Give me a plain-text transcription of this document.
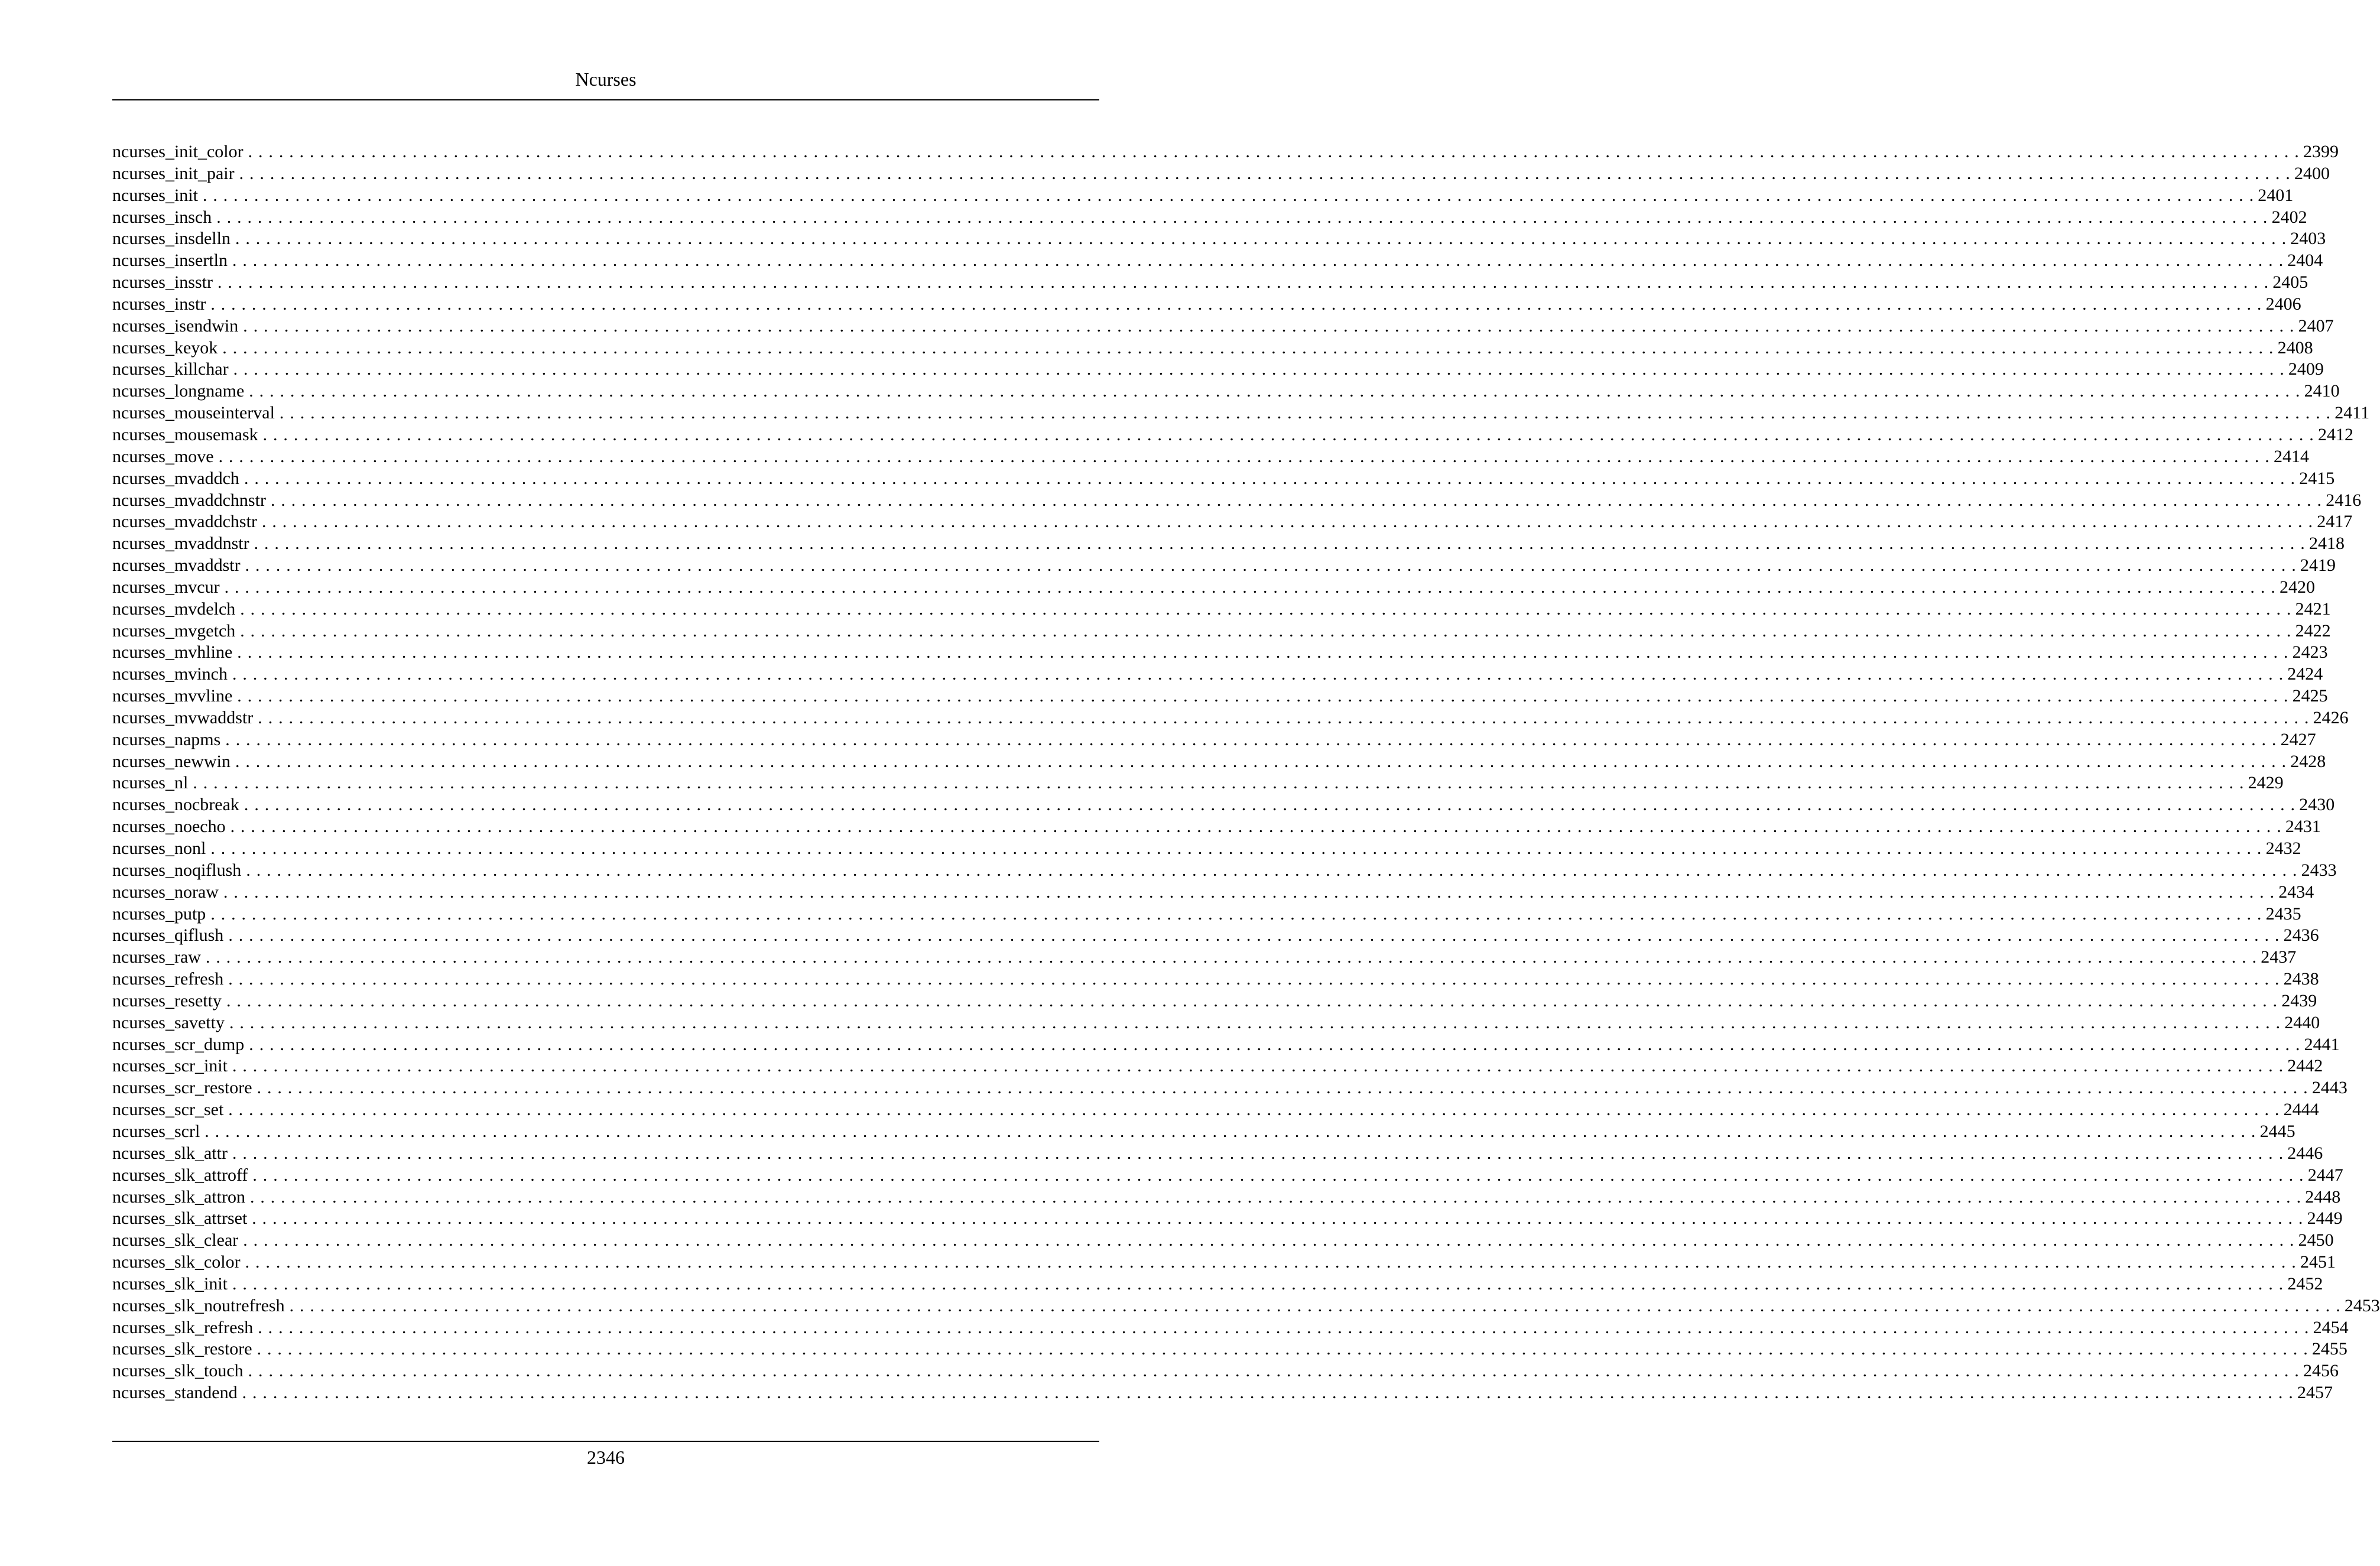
Ncurses
ncurses_init_color . . . . . . . . . . . . . . . . . . . . . . . . . . . . . . . . . . . . . . . . . . . . . . . . . . . . . . . . . . . . . . . . . . . . . . . . . . . . . . . . . . . . . . . . . . . . . . . . . . . . . . . . . . . . . . . . . . . . . . . . . . . . . . . . . . . . . . . . . . . . . . . . . . . . . . . . . . . . . . . . . . . . . . . . . . . . . . . . . . . . . . . . . . . . . . . . . . . . . . . . 2399
ncurses_init_pair . . . . . . . . . . . . . . . . . . . . . . . . . . . . . . . . . . . . . . . . . . . . . . . . . . . . . . . . . . . . . . . . . . . . . . . . . . . . . . . . . . . . . . . . . . . . . . . . . . . . . . . . . . . . . . . . . . . . . . . . . . . . . . . . . . . . . . . . . . . . . . . . . . . . . . . . . . . . . . . . . . . . . . . . . . . . . . . . . . . . . . . . . . . . . . . . . . . . . . . . 2400
ncurses_init . . . . . . . . . . . . . . . . . . . . . . . . . . . . . . . . . . . . . . . . . . . . . . . . . . . . . . . . . . . . . . . . . . . . . . . . . . . . . . . . . . . . . . . . . . . . . . . . . . . . . . . . . . . . . . . . . . . . . . . . . . . . . . . . . . . . . . . . . . . . . . . . . . . . . . . . . . . . . . . . . . . . . . . . . . . . . . . . . . . . . . . . . . . . . . . . . . . . . . . . 2401
ncurses_insch . . . . . . . . . . . . . . . . . . . . . . . . . . . . . . . . . . . . . . . . . . . . . . . . . . . . . . . . . . . . . . . . . . . . . . . . . . . . . . . . . . . . . . . . . . . . . . . . . . . . . . . . . . . . . . . . . . . . . . . . . . . . . . . . . . . . . . . . . . . . . . . . . . . . . . . . . . . . . . . . . . . . . . . . . . . . . . . . . . . . . . . . . . . . . . . . . . . . . . . . 2402
ncurses_insdelln . . . . . . . . . . . . . . . . . . . . . . . . . . . . . . . . . . . . . . . . . . . . . . . . . . . . . . . . . . . . . . . . . . . . . . . . . . . . . . . . . . . . . . . . . . . . . . . . . . . . . . . . . . . . . . . . . . . . . . . . . . . . . . . . . . . . . . . . . . . . . . . . . . . . . . . . . . . . . . . . . . . . . . . . . . . . . . . . . . . . . . . . . . . . . . . . . . . . . . . . 2403
ncurses_insertln . . . . . . . . . . . . . . . . . . . . . . . . . . . . . . . . . . . . . . . . . . . . . . . . . . . . . . . . . . . . . . . . . . . . . . . . . . . . . . . . . . . . . . . . . . . . . . . . . . . . . . . . . . . . . . . . . . . . . . . . . . . . . . . . . . . . . . . . . . . . . . . . . . . . . . . . . . . . . . . . . . . . . . . . . . . . . . . . . . . . . . . . . . . . . . . . . . . . . . . . 2404
ncurses_insstr . . . . . . . . . . . . . . . . . . . . . . . . . . . . . . . . . . . . . . . . . . . . . . . . . . . . . . . . . . . . . . . . . . . . . . . . . . . . . . . . . . . . . . . . . . . . . . . . . . . . . . . . . . . . . . . . . . . . . . . . . . . . . . . . . . . . . . . . . . . . . . . . . . . . . . . . . . . . . . . . . . . . . . . . . . . . . . . . . . . . . . . . . . . . . . . . . . . . . . . . 2405
ncurses_instr . . . . . . . . . . . . . . . . . . . . . . . . . . . . . . . . . . . . . . . . . . . . . . . . . . . . . . . . . . . . . . . . . . . . . . . . . . . . . . . . . . . . . . . . . . . . . . . . . . . . . . . . . . . . . . . . . . . . . . . . . . . . . . . . . . . . . . . . . . . . . . . . . . . . . . . . . . . . . . . . . . . . . . . . . . . . . . . . . . . . . . . . . . . . . . . . . . . . . . . . 2406
ncurses_isendwin . . . . . . . . . . . . . . . . . . . . . . . . . . . . . . . . . . . . . . . . . . . . . . . . . . . . . . . . . . . . . . . . . . . . . . . . . . . . . . . . . . . . . . . . . . . . . . . . . . . . . . . . . . . . . . . . . . . . . . . . . . . . . . . . . . . . . . . . . . . . . . . . . . . . . . . . . . . . . . . . . . . . . . . . . . . . . . . . . . . . . . . . . . . . . . . . . . . . . . . . 2407
ncurses_keyok . . . . . . . . . . . . . . . . . . . . . . . . . . . . . . . . . . . . . . . . . . . . . . . . . . . . . . . . . . . . . . . . . . . . . . . . . . . . . . . . . . . . . . . . . . . . . . . . . . . . . . . . . . . . . . . . . . . . . . . . . . . . . . . . . . . . . . . . . . . . . . . . . . . . . . . . . . . . . . . . . . . . . . . . . . . . . . . . . . . . . . . . . . . . . . . . . . . . . . . . 2408
ncurses_killchar . . . . . . . . . . . . . . . . . . . . . . . . . . . . . . . . . . . . . . . . . . . . . . . . . . . . . . . . . . . . . . . . . . . . . . . . . . . . . . . . . . . . . . . . . . . . . . . . . . . . . . . . . . . . . . . . . . . . . . . . . . . . . . . . . . . . . . . . . . . . . . . . . . . . . . . . . . . . . . . . . . . . . . . . . . . . . . . . . . . . . . . . . . . . . . . . . . . . . . . . 2409
ncurses_longname . . . . . . . . . . . . . . . . . . . . . . . . . . . . . . . . . . . . . . . . . . . . . . . . . . . . . . . . . . . . . . . . . . . . . . . . . . . . . . . . . . . . . . . . . . . . . . . . . . . . . . . . . . . . . . . . . . . . . . . . . . . . . . . . . . . . . . . . . . . . . . . . . . . . . . . . . . . . . . . . . . . . . . . . . . . . . . . . . . . . . . . . . . . . . . . . . . . . . . . . 2410
ncurses_mouseinterval . . . . . . . . . . . . . . . . . . . . . . . . . . . . . . . . . . . . . . . . . . . . . . . . . . . . . . . . . . . . . . . . . . . . . . . . . . . . . . . . . . . . . . . . . . . . . . . . . . . . . . . . . . . . . . . . . . . . . . . . . . . . . . . . . . . . . . . . . . . . . . . . . . . . . . . . . . . . . . . . . . . . . . . . . . . . . . . . . . . . . . . . . . . . . . . . . . . . . . . . 2411
ncurses_mousemask . . . . . . . . . . . . . . . . . . . . . . . . . . . . . . . . . . . . . . . . . . . . . . . . . . . . . . . . . . . . . . . . . . . . . . . . . . . . . . . . . . . . . . . . . . . . . . . . . . . . . . . . . . . . . . . . . . . . . . . . . . . . . . . . . . . . . . . . . . . . . . . . . . . . . . . . . . . . . . . . . . . . . . . . . . . . . . . . . . . . . . . . . . . . . . . . . . . . . . . . 2412
ncurses_move . . . . . . . . . . . . . . . . . . . . . . . . . . . . . . . . . . . . . . . . . . . . . . . . . . . . . . . . . . . . . . . . . . . . . . . . . . . . . . . . . . . . . . . . . . . . . . . . . . . . . . . . . . . . . . . . . . . . . . . . . . . . . . . . . . . . . . . . . . . . . . . . . . . . . . . . . . . . . . . . . . . . . . . . . . . . . . . . . . . . . . . . . . . . . . . . . . . . . . . . 2414
ncurses_mvaddch . . . . . . . . . . . . . . . . . . . . . . . . . . . . . . . . . . . . . . . . . . . . . . . . . . . . . . . . . . . . . . . . . . . . . . . . . . . . . . . . . . . . . . . . . . . . . . . . . . . . . . . . . . . . . . . . . . . . . . . . . . . . . . . . . . . . . . . . . . . . . . . . . . . . . . . . . . . . . . . . . . . . . . . . . . . . . . . . . . . . . . . . . . . . . . . . . . . . . . . . 2415
ncurses_mvaddchnstr . . . . . . . . . . . . . . . . . . . . . . . . . . . . . . . . . . . . . . . . . . . . . . . . . . . . . . . . . . . . . . . . . . . . . . . . . . . . . . . . . . . . . . . . . . . . . . . . . . . . . . . . . . . . . . . . . . . . . . . . . . . . . . . . . . . . . . . . . . . . . . . . . . . . . . . . . . . . . . . . . . . . . . . . . . . . . . . . . . . . . . . . . . . . . . . . . . . . . . . . 2416
ncurses_mvaddchstr . . . . . . . . . . . . . . . . . . . . . . . . . . . . . . . . . . . . . . . . . . . . . . . . . . . . . . . . . . . . . . . . . . . . . . . . . . . . . . . . . . . . . . . . . . . . . . . . . . . . . . . . . . . . . . . . . . . . . . . . . . . . . . . . . . . . . . . . . . . . . . . . . . . . . . . . . . . . . . . . . . . . . . . . . . . . . . . . . . . . . . . . . . . . . . . . . . . . . . . . 2417
ncurses_mvaddnstr . . . . . . . . . . . . . . . . . . . . . . . . . . . . . . . . . . . . . . . . . . . . . . . . . . . . . . . . . . . . . . . . . . . . . . . . . . . . . . . . . . . . . . . . . . . . . . . . . . . . . . . . . . . . . . . . . . . . . . . . . . . . . . . . . . . . . . . . . . . . . . . . . . . . . . . . . . . . . . . . . . . . . . . . . . . . . . . . . . . . . . . . . . . . . . . . . . . . . . . . 2418
ncurses_mvaddstr . . . . . . . . . . . . . . . . . . . . . . . . . . . . . . . . . . . . . . . . . . . . . . . . . . . . . . . . . . . . . . . . . . . . . . . . . . . . . . . . . . . . . . . . . . . . . . . . . . . . . . . . . . . . . . . . . . . . . . . . . . . . . . . . . . . . . . . . . . . . . . . . . . . . . . . . . . . . . . . . . . . . . . . . . . . . . . . . . . . . . . . . . . . . . . . . . . . . . . . . 2419
ncurses_mvcur . . . . . . . . . . . . . . . . . . . . . . . . . . . . . . . . . . . . . . . . . . . . . . . . . . . . . . . . . . . . . . . . . . . . . . . . . . . . . . . . . . . . . . . . . . . . . . . . . . . . . . . . . . . . . . . . . . . . . . . . . . . . . . . . . . . . . . . . . . . . . . . . . . . . . . . . . . . . . . . . . . . . . . . . . . . . . . . . . . . . . . . . . . . . . . . . . . . . . . . . 2420
ncurses_mvdelch . . . . . . . . . . . . . . . . . . . . . . . . . . . . . . . . . . . . . . . . . . . . . . . . . . . . . . . . . . . . . . . . . . . . . . . . . . . . . . . . . . . . . . . . . . . . . . . . . . . . . . . . . . . . . . . . . . . . . . . . . . . . . . . . . . . . . . . . . . . . . . . . . . . . . . . . . . . . . . . . . . . . . . . . . . . . . . . . . . . . . . . . . . . . . . . . . . . . . . . . 2421
ncurses_mvgetch . . . . . . . . . . . . . . . . . . . . . . . . . . . . . . . . . . . . . . . . . . . . . . . . . . . . . . . . . . . . . . . . . . . . . . . . . . . . . . . . . . . . . . . . . . . . . . . . . . . . . . . . . . . . . . . . . . . . . . . . . . . . . . . . . . . . . . . . . . . . . . . . . . . . . . . . . . . . . . . . . . . . . . . . . . . . . . . . . . . . . . . . . . . . . . . . . . . . . . . . 2422
ncurses_mvhline . . . . . . . . . . . . . . . . . . . . . . . . . . . . . . . . . . . . . . . . . . . . . . . . . . . . . . . . . . . . . . . . . . . . . . . . . . . . . . . . . . . . . . . . . . . . . . . . . . . . . . . . . . . . . . . . . . . . . . . . . . . . . . . . . . . . . . . . . . . . . . . . . . . . . . . . . . . . . . . . . . . . . . . . . . . . . . . . . . . . . . . . . . . . . . . . . . . . . . . . 2423
ncurses_mvinch . . . . . . . . . . . . . . . . . . . . . . . . . . . . . . . . . . . . . . . . . . . . . . . . . . . . . . . . . . . . . . . . . . . . . . . . . . . . . . . . . . . . . . . . . . . . . . . . . . . . . . . . . . . . . . . . . . . . . . . . . . . . . . . . . . . . . . . . . . . . . . . . . . . . . . . . . . . . . . . . . . . . . . . . . . . . . . . . . . . . . . . . . . . . . . . . . . . . . . . . 2424
ncurses_mvvline . . . . . . . . . . . . . . . . . . . . . . . . . . . . . . . . . . . . . . . . . . . . . . . . . . . . . . . . . . . . . . . . . . . . . . . . . . . . . . . . . . . . . . . . . . . . . . . . . . . . . . . . . . . . . . . . . . . . . . . . . . . . . . . . . . . . . . . . . . . . . . . . . . . . . . . . . . . . . . . . . . . . . . . . . . . . . . . . . . . . . . . . . . . . . . . . . . . . . . . . 2425
ncurses_mvwaddstr . . . . . . . . . . . . . . . . . . . . . . . . . . . . . . . . . . . . . . . . . . . . . . . . . . . . . . . . . . . . . . . . . . . . . . . . . . . . . . . . . . . . . . . . . . . . . . . . . . . . . . . . . . . . . . . . . . . . . . . . . . . . . . . . . . . . . . . . . . . . . . . . . . . . . . . . . . . . . . . . . . . . . . . . . . . . . . . . . . . . . . . . . . . . . . . . . . . . . . . . 2426
ncurses_napms . . . . . . . . . . . . . . . . . . . . . . . . . . . . . . . . . . . . . . . . . . . . . . . . . . . . . . . . . . . . . . . . . . . . . . . . . . . . . . . . . . . . . . . . . . . . . . . . . . . . . . . . . . . . . . . . . . . . . . . . . . . . . . . . . . . . . . . . . . . . . . . . . . . . . . . . . . . . . . . . . . . . . . . . . . . . . . . . . . . . . . . . . . . . . . . . . . . . . . . . 2427
ncurses_newwin . . . . . . . . . . . . . . . . . . . . . . . . . . . . . . . . . . . . . . . . . . . . . . . . . . . . . . . . . . . . . . . . . . . . . . . . . . . . . . . . . . . . . . . . . . . . . . . . . . . . . . . . . . . . . . . . . . . . . . . . . . . . . . . . . . . . . . . . . . . . . . . . . . . . . . . . . . . . . . . . . . . . . . . . . . . . . . . . . . . . . . . . . . . . . . . . . . . . . . . . 2428
ncurses_nl . . . . . . . . . . . . . . . . . . . . . . . . . . . . . . . . . . . . . . . . . . . . . . . . . . . . . . . . . . . . . . . . . . . . . . . . . . . . . . . . . . . . . . . . . . . . . . . . . . . . . . . . . . . . . . . . . . . . . . . . . . . . . . . . . . . . . . . . . . . . . . . . . . . . . . . . . . . . . . . . . . . . . . . . . . . . . . . . . . . . . . . . . . . . . . . . . . . . . . . . 2429
ncurses_nocbreak . . . . . . . . . . . . . . . . . . . . . . . . . . . . . . . . . . . . . . . . . . . . . . . . . . . . . . . . . . . . . . . . . . . . . . . . . . . . . . . . . . . . . . . . . . . . . . . . . . . . . . . . . . . . . . . . . . . . . . . . . . . . . . . . . . . . . . . . . . . . . . . . . . . . . . . . . . . . . . . . . . . . . . . . . . . . . . . . . . . . . . . . . . . . . . . . . . . . . . . . 2430
ncurses_noecho . . . . . . . . . . . . . . . . . . . . . . . . . . . . . . . . . . . . . . . . . . . . . . . . . . . . . . . . . . . . . . . . . . . . . . . . . . . . . . . . . . . . . . . . . . . . . . . . . . . . . . . . . . . . . . . . . . . . . . . . . . . . . . . . . . . . . . . . . . . . . . . . . . . . . . . . . . . . . . . . . . . . . . . . . . . . . . . . . . . . . . . . . . . . . . . . . . . . . . . . 2431
ncurses_nonl . . . . . . . . . . . . . . . . . . . . . . . . . . . . . . . . . . . . . . . . . . . . . . . . . . . . . . . . . . . . . . . . . . . . . . . . . . . . . . . . . . . . . . . . . . . . . . . . . . . . . . . . . . . . . . . . . . . . . . . . . . . . . . . . . . . . . . . . . . . . . . . . . . . . . . . . . . . . . . . . . . . . . . . . . . . . . . . . . . . . . . . . . . . . . . . . . . . . . . . . 2432
ncurses_noqiflush . . . . . . . . . . . . . . . . . . . . . . . . . . . . . . . . . . . . . . . . . . . . . . . . . . . . . . . . . . . . . . . . . . . . . . . . . . . . . . . . . . . . . . . . . . . . . . . . . . . . . . . . . . . . . . . . . . . . . . . . . . . . . . . . . . . . . . . . . . . . . . . . . . . . . . . . . . . . . . . . . . . . . . . . . . . . . . . . . . . . . . . . . . . . . . . . . . . . . . . . 2433
ncurses_noraw . . . . . . . . . . . . . . . . . . . . . . . . . . . . . . . . . . . . . . . . . . . . . . . . . . . . . . . . . . . . . . . . . . . . . . . . . . . . . . . . . . . . . . . . . . . . . . . . . . . . . . . . . . . . . . . . . . . . . . . . . . . . . . . . . . . . . . . . . . . . . . . . . . . . . . . . . . . . . . . . . . . . . . . . . . . . . . . . . . . . . . . . . . . . . . . . . . . . . . . . 2434
ncurses_putp . . . . . . . . . . . . . . . . . . . . . . . . . . . . . . . . . . . . . . . . . . . . . . . . . . . . . . . . . . . . . . . . . . . . . . . . . . . . . . . . . . . . . . . . . . . . . . . . . . . . . . . . . . . . . . . . . . . . . . . . . . . . . . . . . . . . . . . . . . . . . . . . . . . . . . . . . . . . . . . . . . . . . . . . . . . . . . . . . . . . . . . . . . . . . . . . . . . . . . . . 2435
ncurses_qiflush . . . . . . . . . . . . . . . . . . . . . . . . . . . . . . . . . . . . . . . . . . . . . . . . . . . . . . . . . . . . . . . . . . . . . . . . . . . . . . . . . . . . . . . . . . . . . . . . . . . . . . . . . . . . . . . . . . . . . . . . . . . . . . . . . . . . . . . . . . . . . . . . . . . . . . . . . . . . . . . . . . . . . . . . . . . . . . . . . . . . . . . . . . . . . . . . . . . . . . . . 2436
ncurses_raw . . . . . . . . . . . . . . . . . . . . . . . . . . . . . . . . . . . . . . . . . . . . . . . . . . . . . . . . . . . . . . . . . . . . . . . . . . . . . . . . . . . . . . . . . . . . . . . . . . . . . . . . . . . . . . . . . . . . . . . . . . . . . . . . . . . . . . . . . . . . . . . . . . . . . . . . . . . . . . . . . . . . . . . . . . . . . . . . . . . . . . . . . . . . . . . . . . . . . . . . 2437
ncurses_refresh . . . . . . . . . . . . . . . . . . . . . . . . . . . . . . . . . . . . . . . . . . . . . . . . . . . . . . . . . . . . . . . . . . . . . . . . . . . . . . . . . . . . . . . . . . . . . . . . . . . . . . . . . . . . . . . . . . . . . . . . . . . . . . . . . . . . . . . . . . . . . . . . . . . . . . . . . . . . . . . . . . . . . . . . . . . . . . . . . . . . . . . . . . . . . . . . . . . . . . . . 2438
ncurses_resetty . . . . . . . . . . . . . . . . . . . . . . . . . . . . . . . . . . . . . . . . . . . . . . . . . . . . . . . . . . . . . . . . . . . . . . . . . . . . . . . . . . . . . . . . . . . . . . . . . . . . . . . . . . . . . . . . . . . . . . . . . . . . . . . . . . . . . . . . . . . . . . . . . . . . . . . . . . . . . . . . . . . . . . . . . . . . . . . . . . . . . . . . . . . . . . . . . . . . . . . . 2439
ncurses_savetty . . . . . . . . . . . . . . . . . . . . . . . . . . . . . . . . . . . . . . . . . . . . . . . . . . . . . . . . . . . . . . . . . . . . . . . . . . . . . . . . . . . . . . . . . . . . . . . . . . . . . . . . . . . . . . . . . . . . . . . . . . . . . . . . . . . . . . . . . . . . . . . . . . . . . . . . . . . . . . . . . . . . . . . . . . . . . . . . . . . . . . . . . . . . . . . . . . . . . . . . 2440
ncurses_scr_dump . . . . . . . . . . . . . . . . . . . . . . . . . . . . . . . . . . . . . . . . . . . . . . . . . . . . . . . . . . . . . . . . . . . . . . . . . . . . . . . . . . . . . . . . . . . . . . . . . . . . . . . . . . . . . . . . . . . . . . . . . . . . . . . . . . . . . . . . . . . . . . . . . . . . . . . . . . . . . . . . . . . . . . . . . . . . . . . . . . . . . . . . . . . . . . . . . . . . . . . . 2441
ncurses_scr_init . . . . . . . . . . . . . . . . . . . . . . . . . . . . . . . . . . . . . . . . . . . . . . . . . . . . . . . . . . . . . . . . . . . . . . . . . . . . . . . . . . . . . . . . . . . . . . . . . . . . . . . . . . . . . . . . . . . . . . . . . . . . . . . . . . . . . . . . . . . . . . . . . . . . . . . . . . . . . . . . . . . . . . . . . . . . . . . . . . . . . . . . . . . . . . . . . . . . . . . . 2442
ncurses_scr_restore . . . . . . . . . . . . . . . . . . . . . . . . . . . . . . . . . . . . . . . . . . . . . . . . . . . . . . . . . . . . . . . . . . . . . . . . . . . . . . . . . . . . . . . . . . . . . . . . . . . . . . . . . . . . . . . . . . . . . . . . . . . . . . . . . . . . . . . . . . . . . . . . . . . . . . . . . . . . . . . . . . . . . . . . . . . . . . . . . . . . . . . . . . . . . . . . . . . . . . . . 2443
ncurses_scr_set . . . . . . . . . . . . . . . . . . . . . . . . . . . . . . . . . . . . . . . . . . . . . . . . . . . . . . . . . . . . . . . . . . . . . . . . . . . . . . . . . . . . . . . . . . . . . . . . . . . . . . . . . . . . . . . . . . . . . . . . . . . . . . . . . . . . . . . . . . . . . . . . . . . . . . . . . . . . . . . . . . . . . . . . . . . . . . . . . . . . . . . . . . . . . . . . . . . . . . . . 2444
ncurses_scrl . . . . . . . . . . . . . . . . . . . . . . . . . . . . . . . . . . . . . . . . . . . . . . . . . . . . . . . . . . . . . . . . . . . . . . . . . . . . . . . . . . . . . . . . . . . . . . . . . . . . . . . . . . . . . . . . . . . . . . . . . . . . . . . . . . . . . . . . . . . . . . . . . . . . . . . . . . . . . . . . . . . . . . . . . . . . . . . . . . . . . . . . . . . . . . . . . . . . . . . . 2445
ncurses_slk_attr . . . . . . . . . . . . . . . . . . . . . . . . . . . . . . . . . . . . . . . . . . . . . . . . . . . . . . . . . . . . . . . . . . . . . . . . . . . . . . . . . . . . . . . . . . . . . . . . . . . . . . . . . . . . . . . . . . . . . . . . . . . . . . . . . . . . . . . . . . . . . . . . . . . . . . . . . . . . . . . . . . . . . . . . . . . . . . . . . . . . . . . . . . . . . . . . . . . . . . . . 2446
ncurses_slk_attroff . . . . . . . . . . . . . . . . . . . . . . . . . . . . . . . . . . . . . . . . . . . . . . . . . . . . . . . . . . . . . . . . . . . . . . . . . . . . . . . . . . . . . . . . . . . . . . . . . . . . . . . . . . . . . . . . . . . . . . . . . . . . . . . . . . . . . . . . . . . . . . . . . . . . . . . . . . . . . . . . . . . . . . . . . . . . . . . . . . . . . . . . . . . . . . . . . . . . . . . . 2447
ncurses_slk_attron . . . . . . . . . . . . . . . . . . . . . . . . . . . . . . . . . . . . . . . . . . . . . . . . . . . . . . . . . . . . . . . . . . . . . . . . . . . . . . . . . . . . . . . . . . . . . . . . . . . . . . . . . . . . . . . . . . . . . . . . . . . . . . . . . . . . . . . . . . . . . . . . . . . . . . . . . . . . . . . . . . . . . . . . . . . . . . . . . . . . . . . . . . . . . . . . . . . . . . . . 2448
ncurses_slk_attrset . . . . . . . . . . . . . . . . . . . . . . . . . . . . . . . . . . . . . . . . . . . . . . . . . . . . . . . . . . . . . . . . . . . . . . . . . . . . . . . . . . . . . . . . . . . . . . . . . . . . . . . . . . . . . . . . . . . . . . . . . . . . . . . . . . . . . . . . . . . . . . . . . . . . . . . . . . . . . . . . . . . . . . . . . . . . . . . . . . . . . . . . . . . . . . . . . . . . . . . . 2449
ncurses_slk_clear . . . . . . . . . . . . . . . . . . . . . . . . . . . . . . . . . . . . . . . . . . . . . . . . . . . . . . . . . . . . . . . . . . . . . . . . . . . . . . . . . . . . . . . . . . . . . . . . . . . . . . . . . . . . . . . . . . . . . . . . . . . . . . . . . . . . . . . . . . . . . . . . . . . . . . . . . . . . . . . . . . . . . . . . . . . . . . . . . . . . . . . . . . . . . . . . . . . . . . . . 2450
ncurses_slk_color . . . . . . . . . . . . . . . . . . . . . . . . . . . . . . . . . . . . . . . . . . . . . . . . . . . . . . . . . . . . . . . . . . . . . . . . . . . . . . . . . . . . . . . . . . . . . . . . . . . . . . . . . . . . . . . . . . . . . . . . . . . . . . . . . . . . . . . . . . . . . . . . . . . . . . . . . . . . . . . . . . . . . . . . . . . . . . . . . . . . . . . . . . . . . . . . . . . . . . . . 2451
ncurses_slk_init . . . . . . . . . . . . . . . . . . . . . . . . . . . . . . . . . . . . . . . . . . . . . . . . . . . . . . . . . . . . . . . . . . . . . . . . . . . . . . . . . . . . . . . . . . . . . . . . . . . . . . . . . . . . . . . . . . . . . . . . . . . . . . . . . . . . . . . . . . . . . . . . . . . . . . . . . . . . . . . . . . . . . . . . . . . . . . . . . . . . . . . . . . . . . . . . . . . . . . . . 2452
ncurses_slk_noutrefresh . . . . . . . . . . . . . . . . . . . . . . . . . . . . . . . . . . . . . . . . . . . . . . . . . . . . . . . . . . . . . . . . . . . . . . . . . . . . . . . . . . . . . . . . . . . . . . . . . . . . . . . . . . . . . . . . . . . . . . . . . . . . . . . . . . . . . . . . . . . . . . . . . . . . . . . . . . . . . . . . . . . . . . . . . . . . . . . . . . . . . . . . . . . . . . . . . . . . . . . . 2453
ncurses_slk_refresh . . . . . . . . . . . . . . . . . . . . . . . . . . . . . . . . . . . . . . . . . . . . . . . . . . . . . . . . . . . . . . . . . . . . . . . . . . . . . . . . . . . . . . . . . . . . . . . . . . . . . . . . . . . . . . . . . . . . . . . . . . . . . . . . . . . . . . . . . . . . . . . . . . . . . . . . . . . . . . . . . . . . . . . . . . . . . . . . . . . . . . . . . . . . . . . . . . . . . . . . 2454
ncurses_slk_restore . . . . . . . . . . . . . . . . . . . . . . . . . . . . . . . . . . . . . . . . . . . . . . . . . . . . . . . . . . . . . . . . . . . . . . . . . . . . . . . . . . . . . . . . . . . . . . . . . . . . . . . . . . . . . . . . . . . . . . . . . . . . . . . . . . . . . . . . . . . . . . . . . . . . . . . . . . . . . . . . . . . . . . . . . . . . . . . . . . . . . . . . . . . . . . . . . . . . . . . . 2455
ncurses_slk_touch . . . . . . . . . . . . . . . . . . . . . . . . . . . . . . . . . . . . . . . . . . . . . . . . . . . . . . . . . . . . . . . . . . . . . . . . . . . . . . . . . . . . . . . . . . . . . . . . . . . . . . . . . . . . . . . . . . . . . . . . . . . . . . . . . . . . . . . . . . . . . . . . . . . . . . . . . . . . . . . . . . . . . . . . . . . . . . . . . . . . . . . . . . . . . . . . . . . . . . . . 2456
ncurses_standend . . . . . . . . . . . . . . . . . . . . . . . . . . . . . . . . . . . . . . . . . . . . . . . . . . . . . . . . . . . . . . . . . . . . . . . . . . . . . . . . . . . . . . . . . . . . . . . . . . . . . . . . . . . . . . . . . . . . . . . . . . . . . . . . . . . . . . . . . . . . . . . . . . . . . . . . . . . . . . . . . . . . . . . . . . . . . . . . . . . . . . . . . . . . . . . . . . . . . . . . 2457
2346
